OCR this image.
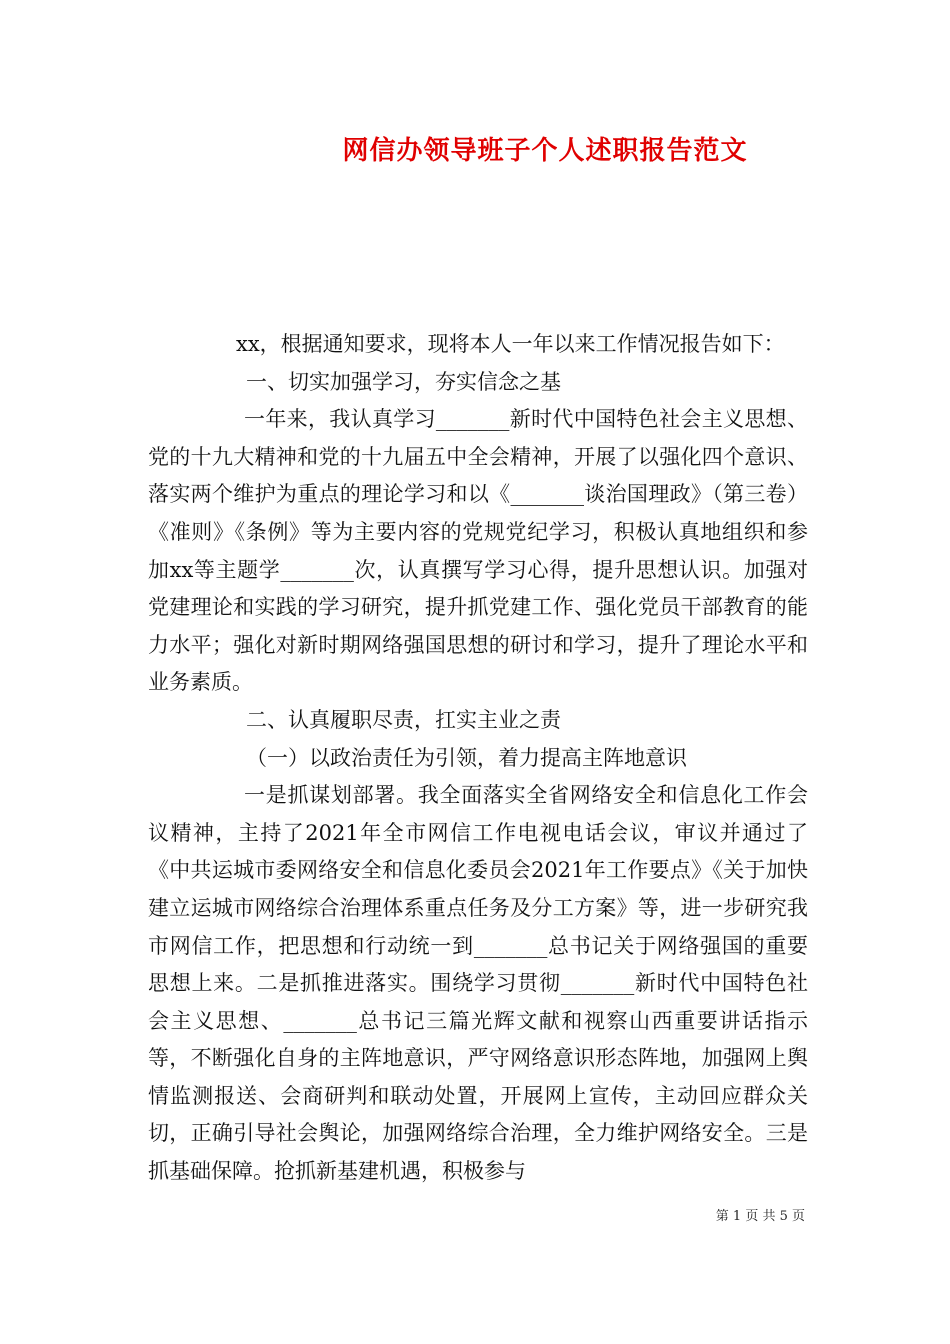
网信办领导班子个人述职报告范文

xx，根据通知要求，现将本人一年以来工作情况报告如下：

一、切实加强学习，夯实信念之基

一年来，我认真学习_______新时代中国特色社会主义思想、党的十九大精神和党的十九届五中全会精神，开展了以强化四个意识、落实两个维护为重点的理论学习和以《_______谈治国理政》（第三卷）《准则》《条例》等为主要内容的党规党纪学习，积极认真地组织和参加xx等主题学_______次，认真撰写学习心得，提升思想认识。加强对党建理论和实践的学习研究，提升抓党建工作、强化党员干部教育的能力水平；强化对新时期网络强国思想的研讨和学习，提升了理论水平和业务素质。

二、认真履职尽责，扛实主业之责

（一）以政治责任为引领，着力提高主阵地意识

一是抓谋划部署。我全面落实全省网络安全和信息化工作会议精神，主持了2021年全市网信工作电视电话会议，审议并通过了《中共运城市委网络安全和信息化委员会2021年工作要点》《关于加快建立运城市网络综合治理体系重点任务及分工方案》等，进一步研究我市网信工作，把思想和行动统一到_______总书记关于网络强国的重要思想上来。二是抓推进落实。围绕学习贯彻_______新时代中国特色社会主义思想、_______总书记三篇光辉文献和视察山西重要讲话指示等，不断强化自身的主阵地意识，严守网络意识形态阵地，加强网上舆情监测报送、会商研判和联动处置，开展网上宣传，主动回应群众关切，正确引导社会舆论，加强网络综合治理，全力维护网络安全。三是抓基础保障。抢抓新基建机遇，积极参与

第 1 页 共 5 页
